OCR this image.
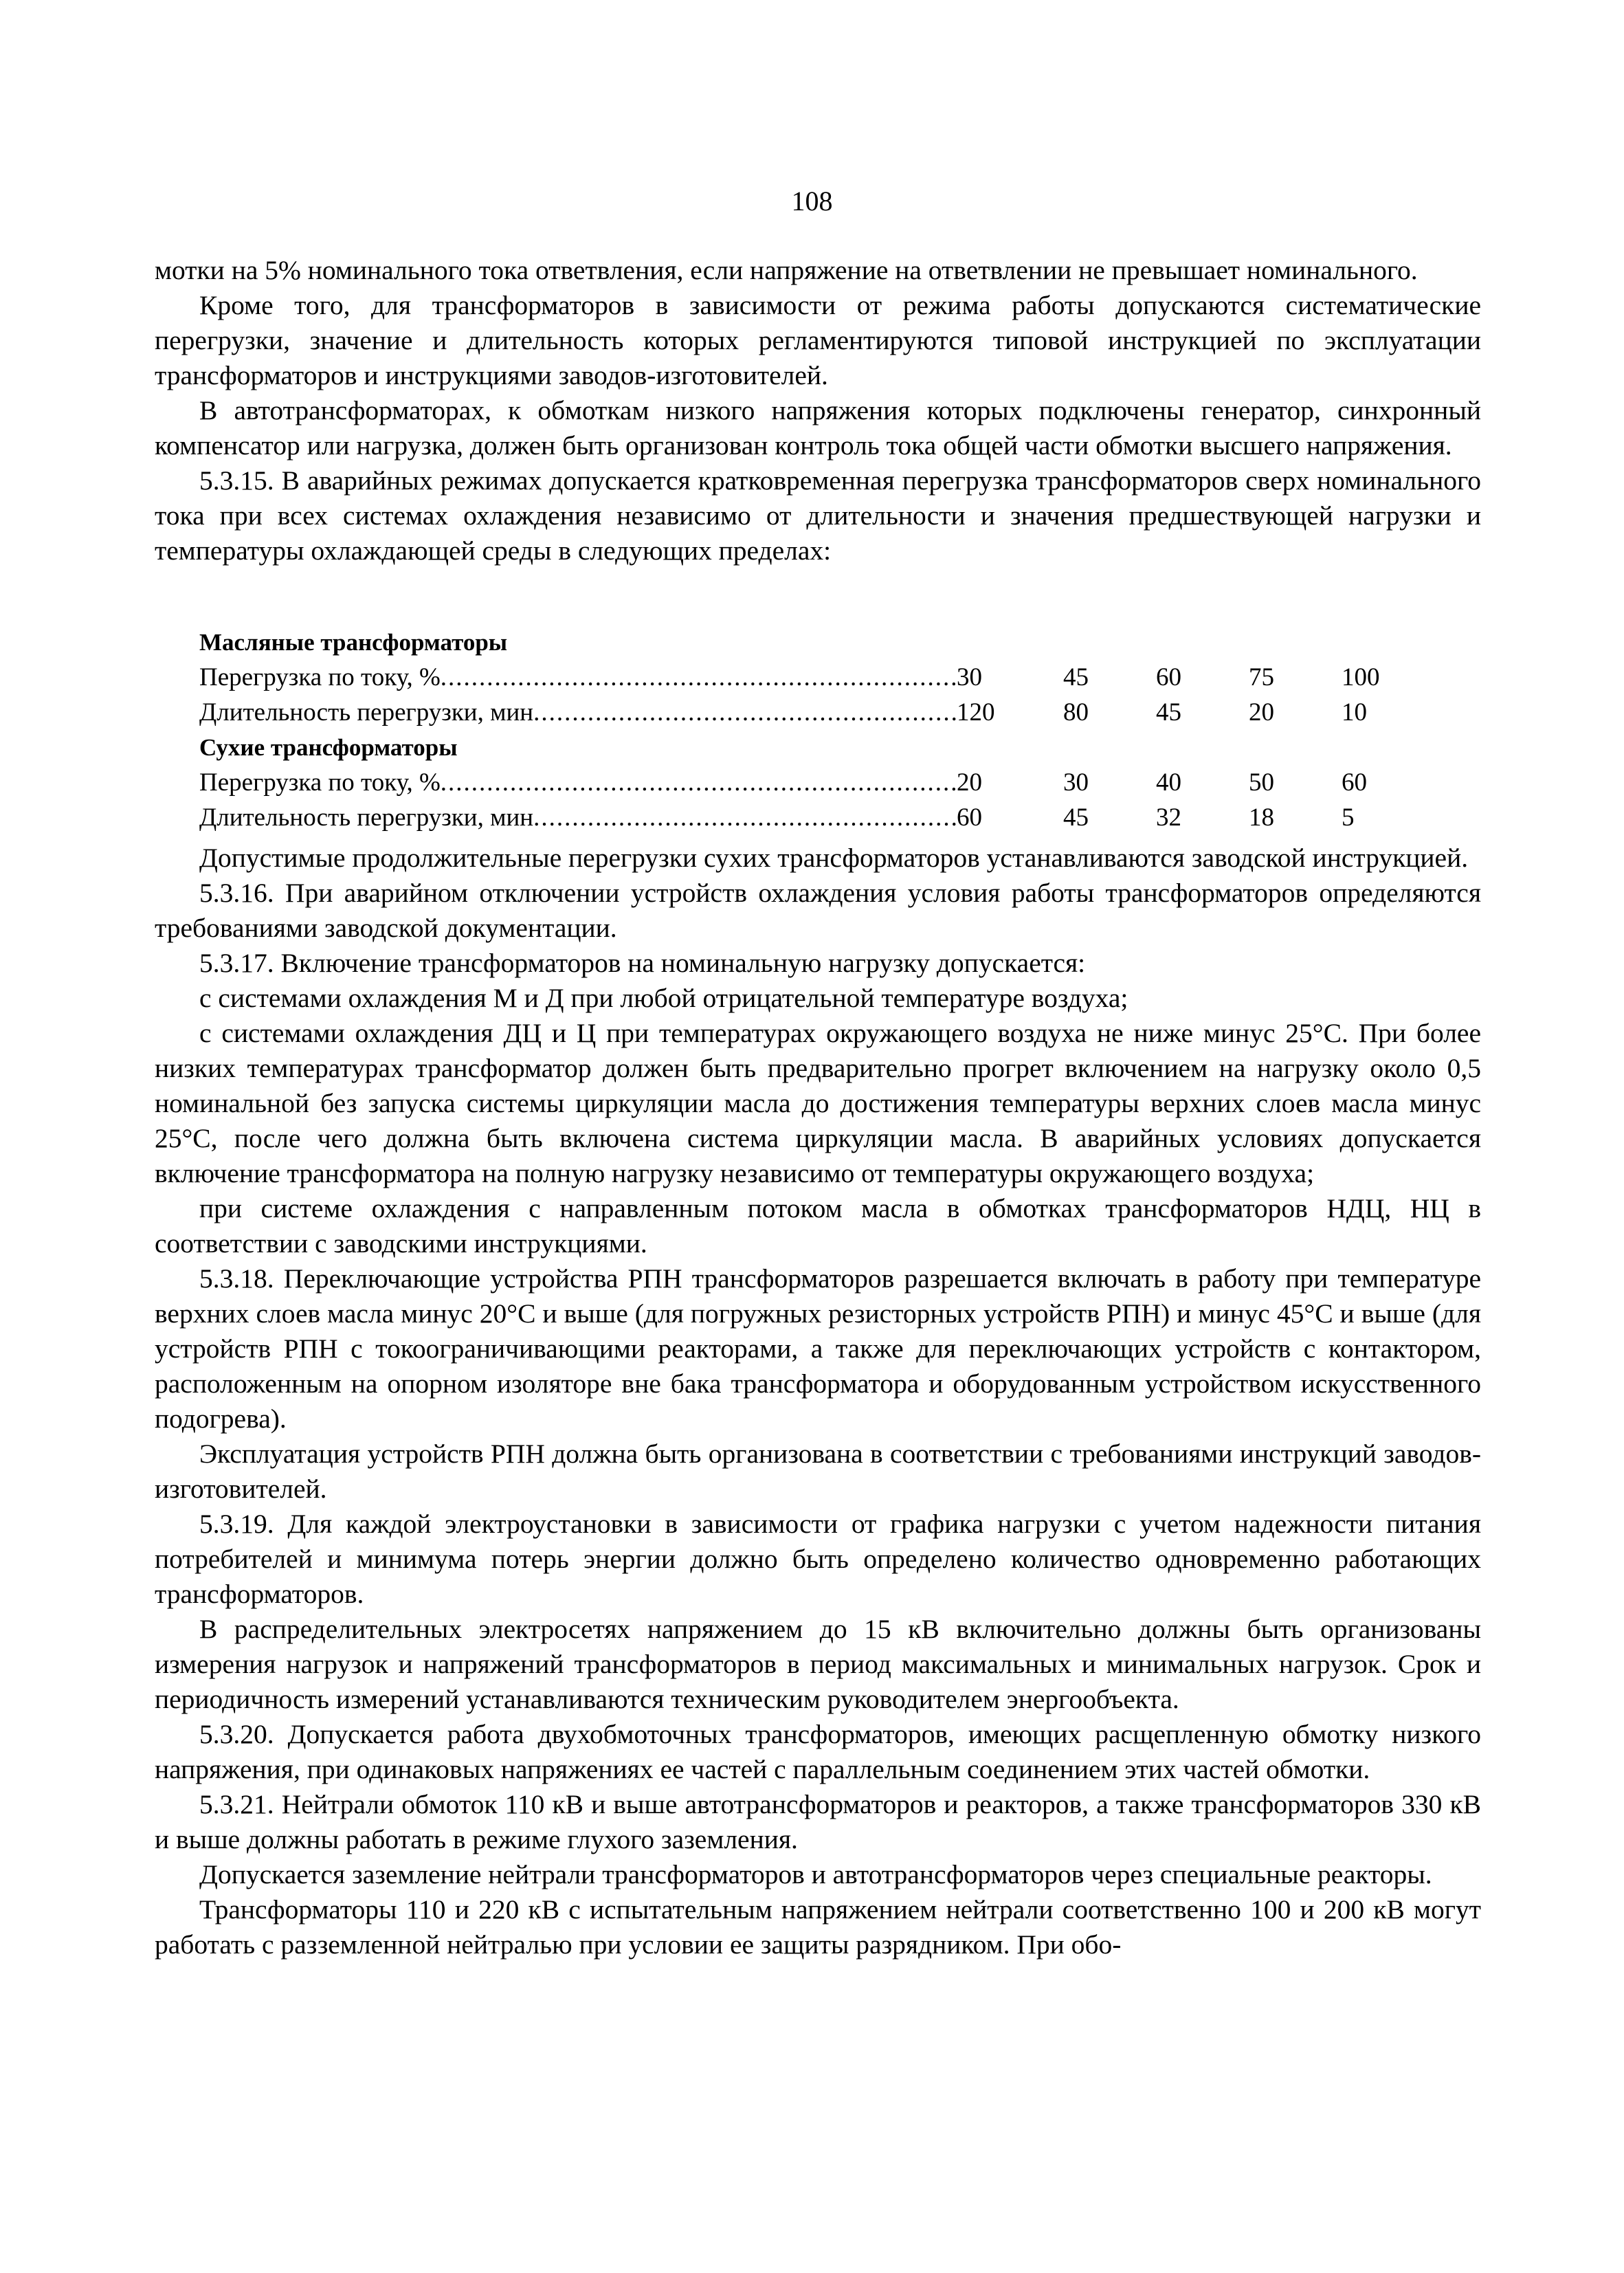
108

мотки на 5% номинального тока ответвления, если напряжение на ответвлении не превышает номинального.

Кроме того, для трансформаторов в зависимости от режима работы допускаются систематические перегрузки, значение и длительность которых регламентируются типовой инструкцией по эксплуатации трансформаторов и инструкциями заводов-изготовителей.

В автотрансформаторах, к обмоткам низкого напряжения которых подключены генератор, синхронный компенсатор или нагрузка, должен быть организован контроль тока общей части обмотки высшего напряжения.

5.3.15. В аварийных режимах допускается кратковременная перегрузка трансформаторов сверх номинального тока при всех системах охлаждения независимо от длительности и значения предшествующей нагрузки и температуры охлаждающей среды в следующих пределах:

Масляные трансформаторы
Перегрузка по току, % .....	30	45	60	75	100
Длительность перегрузки, мин .....	120	80	45	20	10
Сухие трансформаторы
Перегрузка по току, % .....	20	30	40	50	60
Длительность перегрузки, мин .....	60	45	32	18	5

Допустимые продолжительные перегрузки сухих трансформаторов устанавливаются заводской инструкцией.

5.3.16. При аварийном отключении устройств охлаждения условия работы трансформаторов определяются требованиями заводской документации.

5.3.17. Включение трансформаторов на номинальную нагрузку допускается:

с системами охлаждения М и Д при любой отрицательной температуре воздуха;

с системами охлаждения ДЦ и Ц при температурах окружающего воздуха не ниже минус 25°С. При более низких температурах трансформатор должен быть предварительно прогрет включением на нагрузку около 0,5 номинальной без запуска системы циркуляции масла до достижения температуры верхних слоев масла минус 25°С, после чего должна быть включена система циркуляции масла. В аварийных условиях допускается включение трансформатора на полную нагрузку независимо от температуры окружающего воздуха;

при системе охлаждения с направленным потоком масла в обмотках трансформаторов НДЦ, НЦ в соответствии с заводскими инструкциями.

5.3.18. Переключающие устройства РПН трансформаторов разрешается включать в работу при температуре верхних слоев масла минус 20°С и выше (для погружных резисторных устройств РПН) и минус 45°С и выше (для устройств РПН с токоограничивающими реакторами, а также для переключающих устройств с контактором, расположенным на опорном изоляторе вне бака трансформатора и оборудованным устройством искусственного подогрева).

Эксплуатация устройств РПН должна быть организована в соответствии с требованиями инструкций заводов-изготовителей.

5.3.19. Для каждой электроустановки в зависимости от графика нагрузки с учетом надежности питания потребителей и минимума потерь энергии должно быть определено количество одновременно работающих трансформаторов.

В распределительных электросетях напряжением до 15 кВ включительно должны быть организованы измерения нагрузок и напряжений трансформаторов в период максимальных и минимальных нагрузок. Срок и периодичность измерений устанавливаются техническим руководителем энергообъекта.

5.3.20. Допускается работа двухобмоточных трансформаторов, имеющих расщепленную обмотку низкого напряжения, при одинаковых напряжениях ее частей с параллельным соединением этих частей обмотки.

5.3.21. Нейтрали обмоток 110 кВ и выше автотрансформаторов и реакторов, а также трансформаторов 330 кВ и выше должны работать в режиме глухого заземления.

Допускается заземление нейтрали трансформаторов и автотрансформаторов через специальные реакторы.

Трансформаторы 110 и 220 кВ с испытательным напряжением нейтрали соответственно 100 и 200 кВ могут работать с разземленной нейтралью при условии ее защиты разрядником. При обо-
